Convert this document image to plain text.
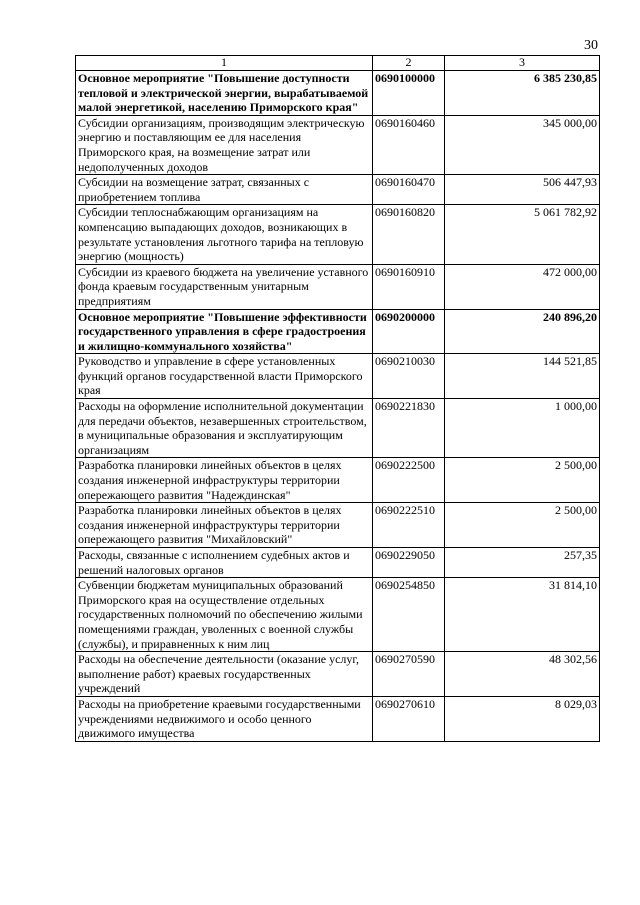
30
1	2	3
Основное мероприятие "Повышение доступности тепловой и электрической энергии, вырабатываемой малой энергетикой, населению Приморского края"	0690100000	6 385 230,85
Субсидии организациям, производящим электрическую энергию и поставляющим ее для населения Приморского края, на возмещение затрат или недополученных доходов	0690160460	345 000,00
Субсидии на возмещение затрат, связанных с приобретением топлива	0690160470	506 447,93
Субсидии теплоснабжающим организациям на компенсацию выпадающих доходов, возникающих в результате установления льготного тарифа на тепловую энергию (мощность)	0690160820	5 061 782,92
Субсидии из краевого бюджета на увеличение уставного фонда краевым государственным унитарным предприятиям	0690160910	472 000,00
Основное мероприятие "Повышение эффективности государственного управления в сфере градостроения и жилищно-коммунального хозяйства"	0690200000	240 896,20
Руководство и управление в сфере установленных функций органов государственной власти Приморского края	0690210030	144 521,85
Расходы на оформление исполнительной документации для передачи объектов, незавершенных строительством, в муниципальные образования и эксплуатирующим организациям	0690221830	1 000,00
Разработка планировки линейных объектов в целях создания инженерной инфраструктуры территории опережающего развития "Надеждинская"	0690222500	2 500,00
Разработка планировки линейных объектов в целях создания инженерной инфраструктуры территории опережающего развития "Михайловский"	0690222510	2 500,00
Расходы, связанные с исполнением судебных актов и решений налоговых органов	0690229050	257,35
Субвенции бюджетам муниципальных образований Приморского края на осуществление отдельных государственных полномочий по обеспечению жилыми помещениями граждан, уволенных с военной службы (службы), и приравненных к ним лиц	0690254850	31 814,10
Расходы на обеспечение деятельности (оказание услуг, выполнение работ) краевых государственных учреждений	0690270590	48 302,56
Расходы на приобретение краевыми государственными учреждениями недвижимого и особо ценного движимого имущества	0690270610	8 029,03
